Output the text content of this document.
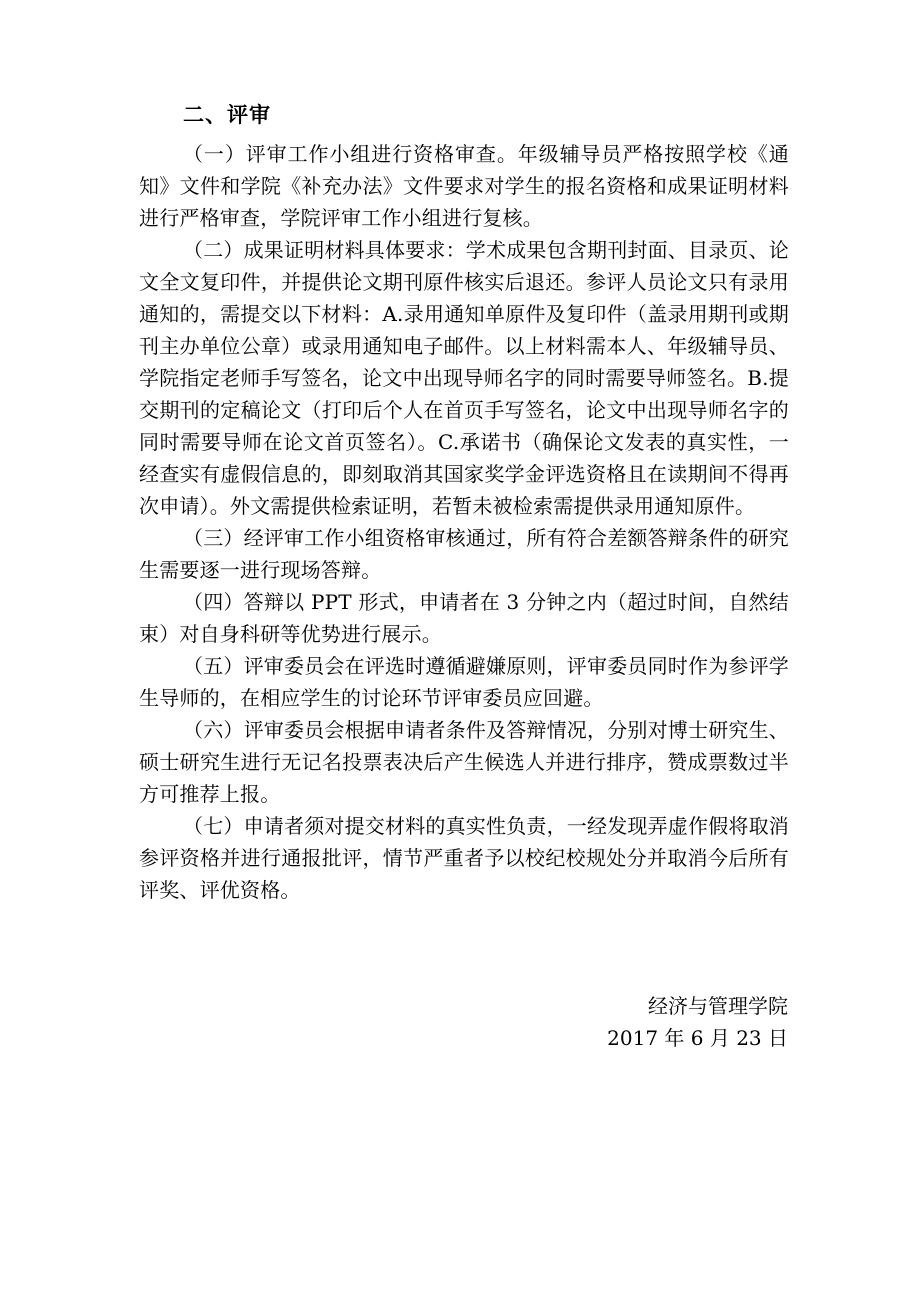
二、评审

（一）评审工作小组进行资格审查。年级辅导员严格按照学校《通知》文件和学院《补充办法》文件要求对学生的报名资格和成果证明材料进行严格审查，学院评审工作小组进行复核。

（二）成果证明材料具体要求：学术成果包含期刊封面、目录页、论文全文复印件，并提供论文期刊原件核实后退还。参评人员论文只有录用通知的，需提交以下材料：A.录用通知单原件及复印件（盖录用期刊或期刊主办单位公章）或录用通知电子邮件。以上材料需本人、年级辅导员、学院指定老师手写签名，论文中出现导师名字的同时需要导师签名。B.提交期刊的定稿论文（打印后个人在首页手写签名，论文中出现导师名字的同时需要导师在论文首页签名）。C.承诺书（确保论文发表的真实性，一经查实有虚假信息的，即刻取消其国家奖学金评选资格且在读期间不得再次申请）。外文需提供检索证明，若暂未被检索需提供录用通知原件。

（三）经评审工作小组资格审核通过，所有符合差额答辩条件的研究生需要逐一进行现场答辩。

（四）答辩以 PPT 形式，申请者在 3 分钟之内（超过时间，自然结束）对自身科研等优势进行展示。

（五）评审委员会在评选时遵循避嫌原则，评审委员同时作为参评学生导师的，在相应学生的讨论环节评审委员应回避。

（六）评审委员会根据申请者条件及答辩情况，分别对博士研究生、硕士研究生进行无记名投票表决后产生候选人并进行排序，赞成票数过半方可推荐上报。

（七）申请者须对提交材料的真实性负责，一经发现弄虚作假将取消参评资格并进行通报批评，情节严重者予以校纪校规处分并取消今后所有评奖、评优资格。

经济与管理学院
2017 年 6 月 23 日
